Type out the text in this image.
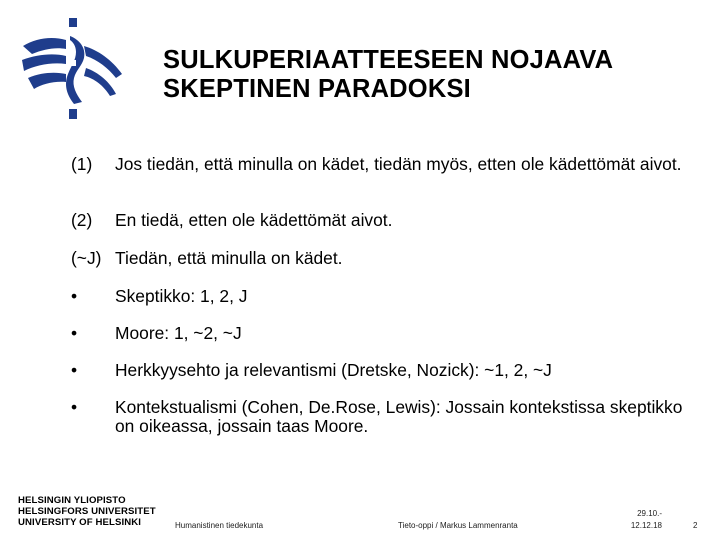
SULKUPERIAATTEESEEN NOJAAVA
SKEPTINEN PARADOKSI
(1) Jos tiedän, että minulla on kädet, tiedän myös, etten ole kädettömät aivot.
(2) En tiedä, etten ole kädettömät aivot.
(~J) Tiedän, että minulla on kädet.
• Skeptikko: 1, 2, J
• Moore: 1, ~2, ~J
• Herkkyysehto ja relevantismi (Dretske, Nozick): ~1, 2, ~J
• Kontekstualismi (Cohen, De.Rose, Lewis): Jossain kontekstissa skeptikko on oikeassa, jossain taas Moore.
HELSINGIN YLIOPISTO
HELSINGFORS UNIVERSITET
UNIVERSITY OF HELSINKI	Humanistinen tiedekunta	Tieto-oppi / Markus Lammenranta
29.10.-
12.12.18	2
